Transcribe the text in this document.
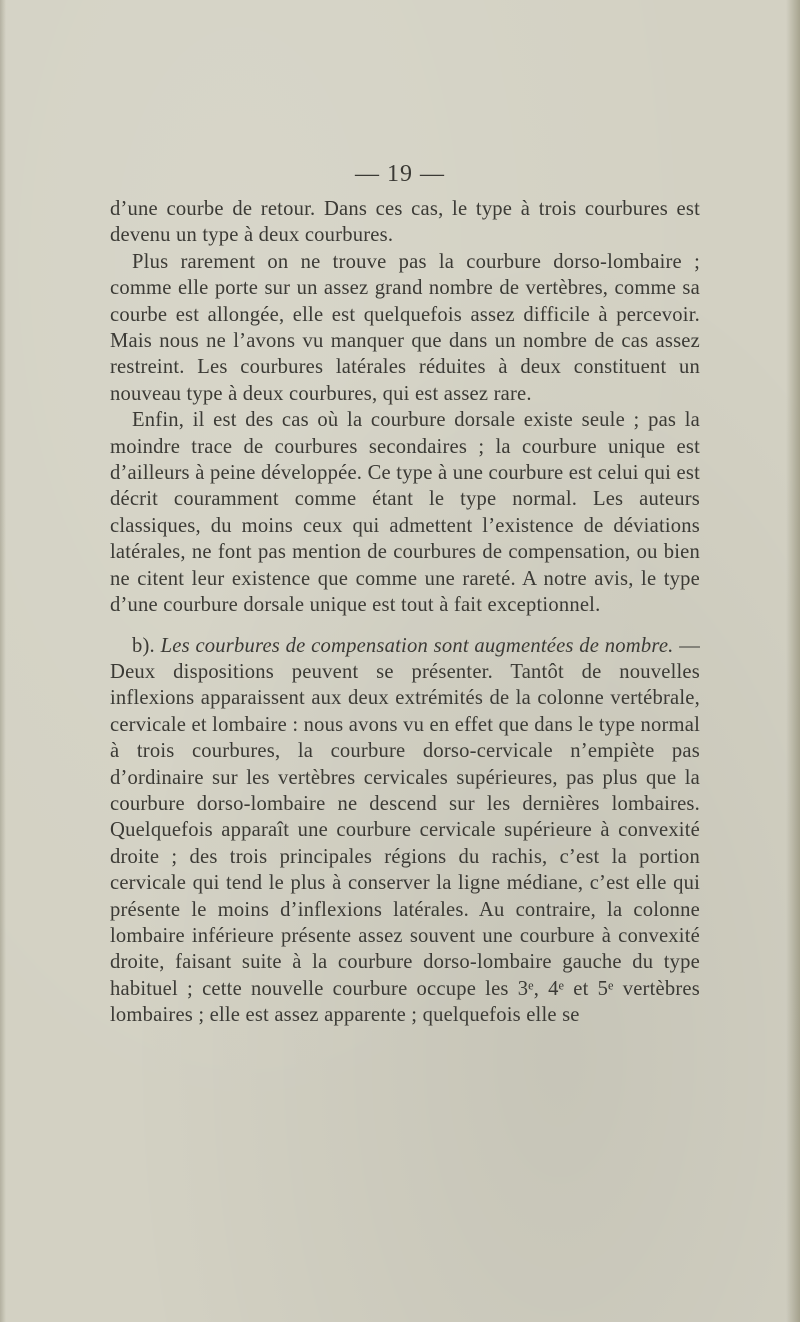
— 19 —

d’une courbe de retour. Dans ces cas, le type à trois courbures est devenu un type à deux courbures.

Plus rarement on ne trouve pas la courbure dorso-lombaire ; comme elle porte sur un assez grand nombre de vertèbres, comme sa courbe est allongée, elle est quelquefois assez difficile à percevoir. Mais nous ne l’avons vu manquer que dans un nombre de cas assez restreint. Les courbures latérales réduites à deux constituent un nouveau type à deux courbures, qui est assez rare.

Enfin, il est des cas où la courbure dorsale existe seule ; pas la moindre trace de courbures secondaires ; la courbure unique est d’ailleurs à peine développée. Ce type à une courbure est celui qui est décrit couramment comme étant le type normal. Les auteurs classiques, du moins ceux qui admettent l’existence de déviations latérales, ne font pas mention de courbures de compensation, ou bien ne citent leur existence que comme une rareté. A notre avis, le type d’une courbure dorsale unique est tout à fait exceptionnel.

b). Les courbures de compensation sont augmentées de nombre. — Deux dispositions peuvent se présenter. Tantôt de nouvelles inflexions apparaissent aux deux extrémités de la colonne vertébrale, cervicale et lombaire : nous avons vu en effet que dans le type normal à trois courbures, la courbure dorso-cervicale n’empiète pas d’ordinaire sur les vertèbres cervicales supérieures, pas plus que la courbure dorso-lombaire ne descend sur les dernières lombaires. Quelquefois apparaît une courbure cervicale supérieure à convexité droite ; des trois principales régions du rachis, c’est la portion cervicale qui tend le plus à conserver la ligne médiane, c’est elle qui présente le moins d’inflexions latérales. Au contraire, la colonne lombaire inférieure présente assez souvent une courbure à convexité droite, faisant suite à la courbure dorso-lombaire gauche du type habituel ; cette nouvelle courbure occupe les 3ᵉ, 4ᵉ et 5ᵉ vertèbres lombaires ; elle est assez apparente ; quelquefois elle se
